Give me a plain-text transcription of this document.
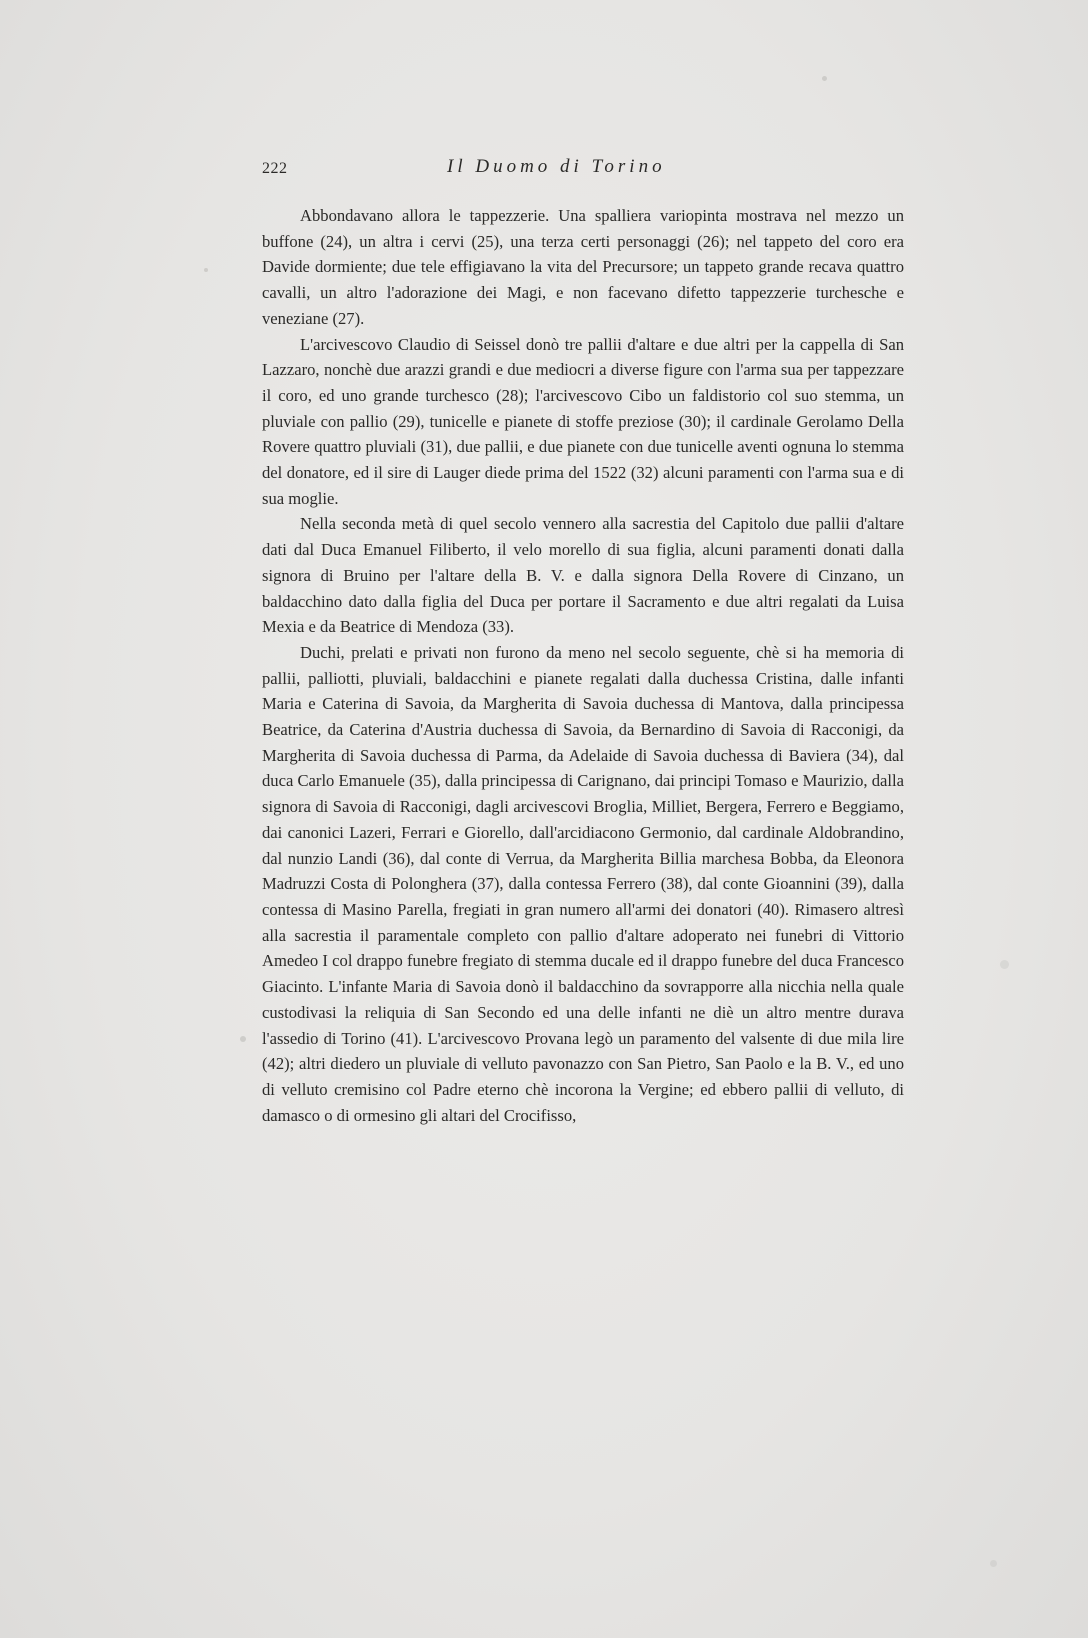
222	Il Duomo di Torino

Abbondavano allora le tappezzerie. Una spalliera variopinta mostrava nel mezzo un buffone (24), un altra i cervi (25), una terza certi personaggi (26); nel tappeto del coro era Davide dormiente; due tele effigiavano la vita del Precursore; un tappeto grande recava quattro cavalli, un altro l'adorazione dei Magi, e non facevano difetto tappezzerie turchesche e veneziane (27).

L'arcivescovo Claudio di Seissel donò tre pallii d'altare e due altri per la cappella di San Lazzaro, nonchè due arazzi grandi e due mediocri a diverse figure con l'arma sua per tappezzare il coro, ed uno grande turchesco (28); l'arcivescovo Cibo un faldistorio col suo stemma, un pluviale con pallio (29), tunicelle e pianete di stoffe preziose (30); il cardinale Gerolamo Della Rovere quattro pluviali (31), due pallii, e due pianete con due tunicelle aventi ognuna lo stemma del donatore, ed il sire di Lauger diede prima del 1522 (32) alcuni paramenti con l'arma sua e di sua moglie.

Nella seconda metà di quel secolo vennero alla sacrestia del Capitolo due pallii d'altare dati dal Duca Emanuel Filiberto, il velo morello di sua figlia, alcuni paramenti donati dalla signora di Bruino per l'altare della B. V. e dalla signora Della Rovere di Cinzano, un baldacchino dato dalla figlia del Duca per portare il Sacramento e due altri regalati da Luisa Mexia e da Beatrice di Mendoza (33).

Duchi, prelati e privati non furono da meno nel secolo seguente, chè si ha memoria di pallii, palliotti, pluviali, baldacchini e pianete regalati dalla duchessa Cristina, dalle infanti Maria e Caterina di Savoia, da Margherita di Savoia duchessa di Mantova, dalla principessa Beatrice, da Caterina d'Austria duchessa di Savoia, da Bernardino di Savoia di Racconigi, da Margherita di Savoia duchessa di Parma, da Adelaide di Savoia duchessa di Baviera (34), dal duca Carlo Emanuele (35), dalla principessa di Carignano, dai principi Tomaso e Maurizio, dalla signora di Savoia di Racconigi, dagli arcivescovi Broglia, Milliet, Bergera, Ferrero e Beggiamo, dai canonici Lazeri, Ferrari e Giorello, dall'arcidiacono Germonio, dal cardinale Aldobrandino, dal nunzio Landi (36), dal conte di Verrua, da Margherita Billia marchesa Bobba, da Eleonora Madruzzi Costa di Polonghera (37), dalla contessa Ferrero (38), dal conte Gioannini (39), dalla contessa di Masino Parella, fregiati in gran numero all'armi dei donatori (40). Rimasero altresì alla sacrestia il paramentale completo con pallio d'altare adoperato nei funebri di Vittorio Amedeo I col drappo funebre fregiato di stemma ducale ed il drappo funebre del duca Francesco Giacinto. L'infante Maria di Savoia donò il baldacchino da sovrapporre alla nicchia nella quale custodivasi la reliquia di San Secondo ed una delle infanti ne diè un altro mentre durava l'assedio di Torino (41). L'arcivescovo Provana legò un paramento del valsente di due mila lire (42); altri diedero un pluviale di velluto pavonazzo con San Pietro, San Paolo e la B. V., ed uno di velluto cremisino col Padre eterno chè incorona la Vergine; ed ebbero pallii di velluto, di damasco o di ormesino gli altari del Crocifisso,
